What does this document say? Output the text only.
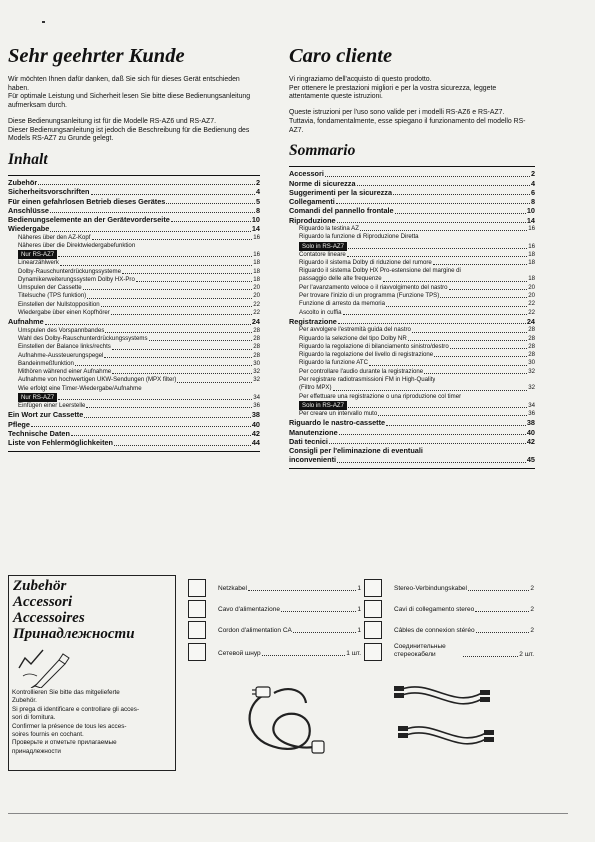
Sehr geehrter Kunde

Wir möchten Ihnen dafür danken, daß Sie sich für dieses Gerät entschieden haben.
Für optimale Leistung und Sicherheit lesen Sie bitte diese Bedienungsanleitung aufmerksam durch.

Diese Bedienungsanleitung ist für die Modelle RS-AZ6 und RS-AZ7.
Dieser Bedienungsanleitung ist jedoch die Beschreibung für die Bedienung des Models RS-AZ7 zu Grunde gelegt.

Inhalt
Zubehör	2
Sicherheitsvorschriften	4
Für einen gefahrlosen Betrieb dieses Gerätes	5
Anschlüsse	8
Bedienungselemente an der Gerätevorderseite	10
Wiedergabe	14
Näheres über den AZ-Kopf	16
Näheres über die Direktwiedergabefunktion
Nur RS-AZ7	16
Linearzählwerk	18
Dolby-Rauschunterdrückungssysteme	18
Dynamikerweiterungssystem Dolby HX-Pro	18
Umspulen der Cassette	20
Titelsuche (TPS funktion)	20
Einstellen der Nullstopposition	22
Wiedergabe über einen Kopfhörer	22
Aufnahme	24
Umspulen des Vorspannbandes	28
Wahl des Dolby-Rauschunterdrückungssystems	28
Einstellen der Balance links/rechts	28
Aufnahme-Aussteuerungspegel	28
Bandeinmeßfunktion	30
Mithören während einer Aufnahme	32
Aufnahme von hochwertigen UKW-Sendungen (MPX filter)	32
Wie erfolgt eine Timer-Wiedergabe/Aufnahme
Nur RS-AZ7	34
Einfügen einer Leerstelle	36
Ein Wort zur Cassette	38
Pflege	40
Technische Daten	42
Liste von Fehlermöglichkeiten	44
Caro cliente

Vi ringraziamo dell'acquisto di questo prodotto.
Per ottenere le prestazioni migliori e per la vostra sicurezza, leggete attentamente queste istruzioni.

Queste istruzioni per l'uso sono valide per i modelli RS-AZ6 e RS-AZ7.
Tuttavia, fondamentalmente, esse spiegano il funzionamento del modello RS-AZ7.

Sommario
Accessori	2
Norme di sicurezza	4
Suggerimenti per la sicurezza	6
Collegamenti	8
Comandi del pannello frontale	10
Riproduzione	14
Riguardo la testina AZ	16
Riguardo la funzione di Riproduzione Diretta
Solo in RS-AZ7	16
Contatore lineare	18
Riguardo il sistema Dolby di riduzione del rumore	18
Riguardo il sistema Dolby HX Pro-estensione del margine di
passaggio delle alte frequenze	18
Per l'avanzamento veloce o il riavvolgimento del nastro	20
Per trovare l'inizio di un programma (Funzione TPS)	20
Funzione di arresto da memoria	22
Ascolto in cuffia	22
Registrazione	24
Per avvolgere l'estremità guida del nastro	28
Riguardo la selezione del tipo Dolby NR	28
Riguardo la regolazione di bilanciamento sinistro/destro	28
Riguardo la regolazione del livello di registrazione	28
Riguardo la funzione ATC	30
Per controllare l'audio durante la registrazione	32
Per registrare radiotrasmissioni FM in High-Quality
(Filtro MPX)	32
Per effettuare una registrazione o una riproduzione col timer
Solo in RS-AZ7	34
Per creare un intervallo muto	36
Riguardo le nastro-cassette	38
Manutenzione	40
Dati tecnici	42
Consigli per l'eliminazione di eventuali
inconvenienti	45

Zubehör

Accessori

Accessoires

Принадлежности

Kontrollieren Sie bitte das mitgelieferte
Zubehör.
Si prega di identificare e controllare gli acces-
sori di fornitura.
Confirmer la présence de tous les acces-
soires fournis en cochant.
Проверьте и отметьте прилагаемые
принадлежности
Netzkabel	1
Cavo d'alimentazione	1
Cordon d'alimentation CA	1
Сетевой шнур	1 шт.
Stereo-Verbindungskabel	2
Cavi di collegamento stereo	2
Câbles de connexion stéréo	2
Соединительные стереокабели	2 шт.
